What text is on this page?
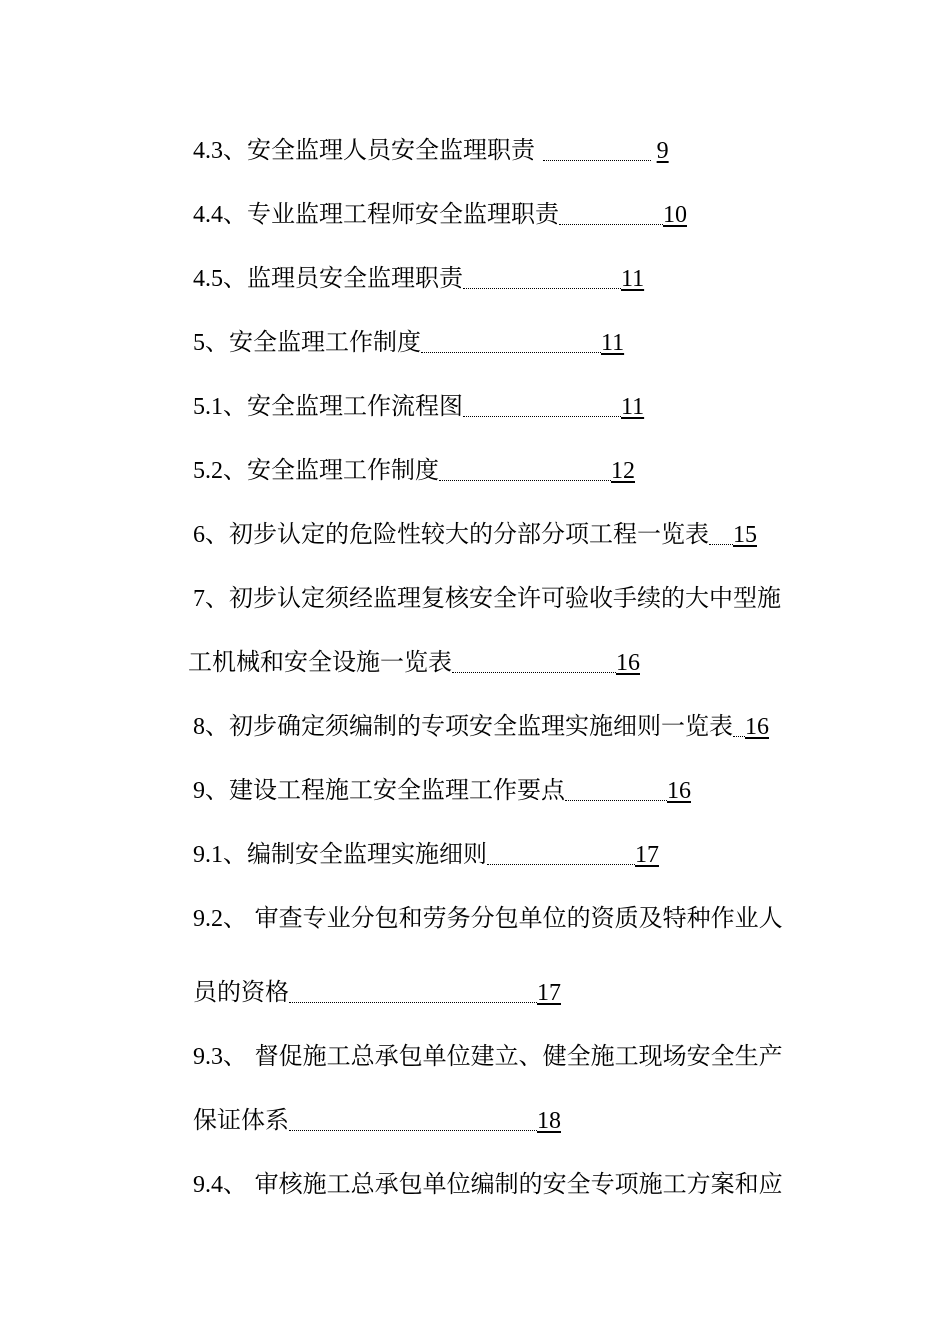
4.3、安全监理人员安全监理职责	9
4.4、专业监理工程师安全监理职责	10
4.5、监理员安全监理职责	11
5、安全监理工作制度	11
5.1、安全监理工作流程图	11
5.2、安全监理工作制度	12
6、初步认定的危险性较大的分部分项工程一览表 15
7、初步认定须经监理复核安全许可验收手续的大中型施
工机械和安全设施一览表	16
8、初步确定须编制的专项安全监理实施细则一览表 16
9、建设工程施工安全监理工作要点	16
9.1、编制安全监理实施细则	17
9.2、 审查专业分包和劳务分包单位的资质及特种作业人
员的资格	17
9.3、 督促施工总承包单位建立、健全施工现场安全生产
保证体系	18
9.4、 审核施工总承包单位编制的安全专项施工方案和应
